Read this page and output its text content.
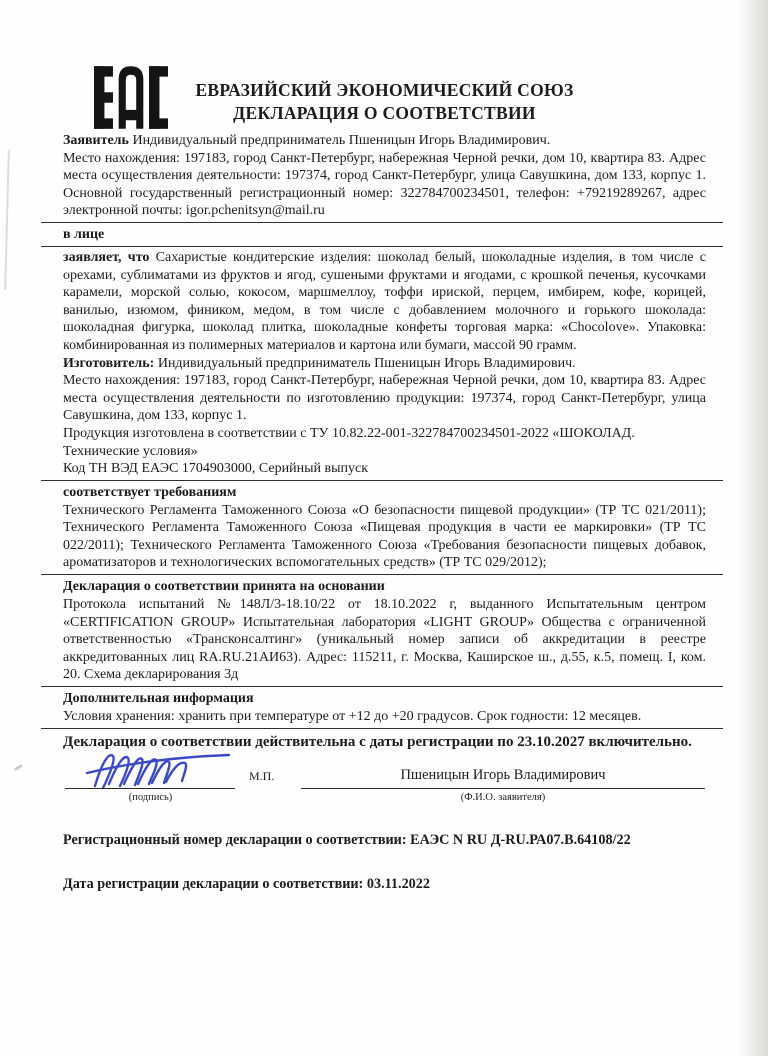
ЕВРАЗИЙСКИЙ ЭКОНОМИЧЕСКИЙ СОЮЗ

ДЕКЛАРАЦИЯ О СООТВЕТСТВИИ

Заявитель Индивидуальный предприниматель Пшеницын Игорь Владимирович.

Место нахождения: 197183, город Санкт-Петербург, набережная Черной речки, дом 10, квартира 83. Адрес места осуществления деятельности: 197374, город Санкт-Петербург, улица Савушкина, дом 133, корпус 1. Основной государственный регистрационный номер: 322784700234501, телефон: +79219289267, адрес электронной почты: igor.pchenitsyn@mail.ru

в лице

заявляет, что Сахаристые кондитерские изделия: шоколад белый, шоколадные изделия, в том числе с орехами, сублиматами из фруктов и ягод, сушеными фруктами и ягодами, с крошкой печенья, кусочками карамели, морской солью, кокосом, маршмеллоу, тоффи ириской, перцем, имбирем, кофе, корицей, ванилью, изюмом, фиником, медом, в том числе с добавлением молочного и горького шоколада: шоколадная фигурка, шоколад плитка, шоколадные конфеты торговая марка: «Chocolove». Упаковка: комбинированная из полимерных материалов и картона или бумаги, массой 90 грамм.

Изготовитель: Индивидуальный предприниматель Пшеницын Игорь Владимирович.

Место нахождения: 197183, город Санкт-Петербург, набережная Черной речки, дом 10, квартира 83. Адрес места осуществления деятельности по изготовлению продукции: 197374, город Санкт-Петербург, улица Савушкина, дом 133, корпус 1.

Продукция изготовлена в соответствии с ТУ 10.82.22-001-322784700234501-2022 «ШОКОЛАД. Технические условия»

Код ТН ВЭД ЕАЭС 1704903000, Серийный выпуск

соответствует требованиям

Технического Регламента Таможенного Союза «О безопасности пищевой продукции» (ТР ТС 021/2011); Технического Регламента Таможенного Союза «Пищевая продукция в части ее маркировки» (ТР ТС 022/2011); Технического Регламента Таможенного Союза «Требования безопасности пищевых добавок, ароматизаторов и технологических вспомогательных средств» (ТР ТС 029/2012);

Декларация о соответствии принята на основании

Протокола испытаний №148Л/3-18.10/22 от 18.10.2022 г, выданного Испытательным центром «CERTIFICATION GROUP» Испытательная лаборатория «LIGHT GROUP» Общества с ограниченной ответственностью «Трансконсалтинг» (уникальный номер записи об аккредитации в реестре аккредитованных лиц RA.RU.21АИ63). Адрес: 115211, г. Москва, Каширское ш., д.55, к.5, помещ. I, ком. 20. Схема декларирования 3д

Дополнительная информация

Условия хранения: хранить при температуре от +12 до +20 градусов. Срок годности: 12 месяцев.

Декларация о соответствии действительна с даты регистрации по 23.10.2027 включительно.

(подпись)
М.П.	Пшеницын Игорь Владимирович
(Ф.И.О. заявителя)

Регистрационный номер декларации о соответствии: ЕАЭС N RU Д-RU.РА07.В.64108/22

Дата регистрации декларации о соответствии: 03.11.2022
